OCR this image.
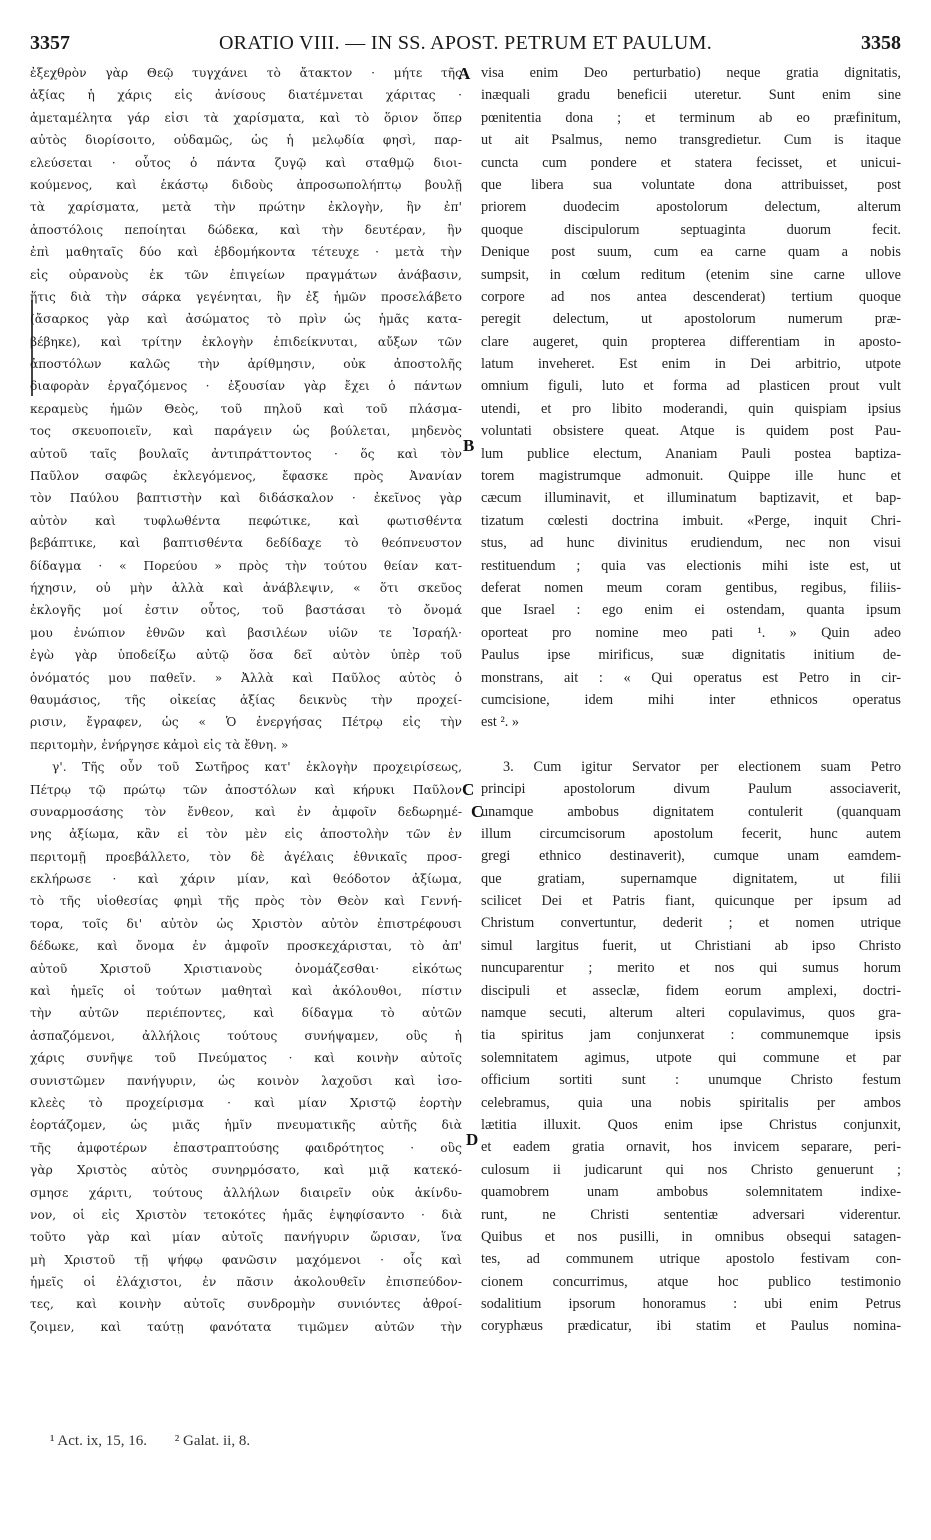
3357	ORATIO VIII. — IN SS. APOST. PETRUM ET PAULUM.	3358
ἐξεχθρὸν γὰρ Θεῷ τυγχάνει τὸ ἄτακτον · μήτε τῆς
ἀξίας ἡ χάρις εἰς ἀνίσους διατέμνεται χάριτας ·
ἀμεταμέλητα γάρ εἰσι τὰ χαρίσματα, καὶ τὸ ὅριον ὅπερ
αὐτὸς διορίσοιτο, οὐδαμῶς, ὡς ἡ μελῳδία φησὶ, παρ-
ελεύσεται · οὗτος ὁ πάντα ζυγῷ καὶ σταθμῷ διοι-
κούμενος, καὶ ἑκάστῳ διδοὺς ἀπροσωπολήπτῳ βουλῇ
τὰ χαρίσματα, μετὰ τὴν πρώτην ἐκλογὴν, ἣν ἐπ'
ἀποστόλοις πεποίηται δώδεκα, καὶ τὴν δευτέραν, ἣν
ἐπὶ μαθηταῖς δύο καὶ ἑβδομήκοντα τέτευχε · μετὰ τὴν
εἰς οὐρανοὺς ἐκ τῶν ἐπιγείων πραγμάτων ἀνάβασιν,
ἥτις διὰ τὴν σάρκα γεγένηται, ἣν ἐξ ἡμῶν προσελάβετο
(ἄσαρκος γὰρ καὶ ἀσώματος τὸ πρὶν ὡς ἡμᾶς κατα-
βέβηκε), καὶ τρίτην ἐκλογὴν ἐπιδείκνυται, αὔξων τῶν
ἀποστόλων καλῶς τὴν ἀρίθμησιν, οὐκ ἀποστολῆς
διαφορὰν ἐργαζόμενος · ἐξουσίαν γὰρ ἔχει ὁ πάντων
κεραμεὺς ἡμῶν Θεὸς, τοῦ πηλοῦ καὶ τοῦ πλάσμα-
τος σκευοποιεῖν, καὶ παράγειν ὡς βούλεται, μηδενὸς
αὐτοῦ ταῖς βουλαῖς ἀντιπράττοντος · ὅς καὶ τὸν
Παῦλον σαφῶς ἐκλεγόμενος, ἔφασκε πρὸς Ἀνανίαν
τὸν Παύλου βαπτιστὴν καὶ διδάσκαλον · ἐκεῖνος γὰρ
αὐτὸν καὶ τυφλωθέντα πεφώτικε, καὶ φωτισθέντα
βεβάπτικε, καὶ βαπτισθέντα δεδίδαχε τὸ θεόπνευστον
δίδαγμα · « Πορεύου » πρὸς τὴν τούτου θείαν κατ-
ήχησιν, οὐ μὴν ἀλλὰ καὶ ἀνάβλεψιν, « ὅτι σκεῦος
ἐκλογῆς μοί ἐστιν οὗτος, τοῦ βαστάσαι τὸ ὄνομά
μου ἐνώπιον ἐθνῶν καὶ βασιλέων υἱῶν τε Ἰσραήλ·
ἐγὼ γὰρ ὑποδείξω αὐτῷ ὅσα δεῖ αὐτὸν ὑπὲρ τοῦ
ὀνόματός μου παθεῖν. » Ἀλλὰ καὶ Παῦλος αὐτὸς ὁ
θαυμάσιος, τῆς οἰκείας ἀξίας δεικνὺς τὴν προχεί-
ρισιν, ἔγραφεν, ὡς « Ὁ ἐνεργήσας Πέτρῳ εἰς τὴν
περιτομὴν, ἐνήργησε κἀμοὶ εἰς τὰ ἔθνη. »
γ'. Τῆς οὖν τοῦ Σωτῆρος κατ' ἐκλογὴν προχειρίσεως,
Πέτρῳ τῷ πρώτῳ τῶν ἀποστόλων καὶ κήρυκι Παῦλον
συναρμοσάσης τὸν ἔνθεον, καὶ ἐν ἀμφοῖν δεδωρημέ-
νης ἀξίωμα, κἂν εἰ τὸν μὲν εἰς ἀποστολὴν τῶν ἐν
περιτομῇ προεβάλλετο, τὸν δὲ ἀγέλαις ἐθνικαῖς προσ-
εκλήρωσε · καὶ χάριν μίαν, καὶ θεόδοτον ἀξίωμα,
τὸ τῆς υἱοθεσίας φημὶ τῆς πρὸς τὸν Θεὸν καὶ Γεννή-
τορα, τοῖς δι' αὐτὸν ὡς Χριστὸν αὐτὸν ἐπιστρέφουσι
δέδωκε, καὶ ὄνομα ἐν ἀμφοῖν προσκεχάρισται, τὸ ἀπ'
αὐτοῦ Χριστοῦ Χριστιανοὺς ὀνομάζεσθαι· εἰκότως
καὶ ἡμεῖς οἱ τούτων μαθηταὶ καὶ ἀκόλουθοι, πίστιν
τὴν αὐτῶν περιέποντες, καὶ δίδαγμα τὸ αὐτῶν
ἀσπαζόμενοι, ἀλλήλοις τούτους συνήψαμεν, οὓς ἡ
χάρις συνῆψε τοῦ Πνεύματος · καὶ κοινὴν αὐτοῖς
συνιστῶμεν πανήγυριν, ὡς κοινὸν λαχοῦσι καὶ ἰσο-
κλεὲς τὸ προχείρισμα · καὶ μίαν Χριστῷ ἑορτὴν
ἑορτάζομεν, ὡς μιᾶς ἡμῖν πνευματικῆς αὐτῆς διὰ
τῆς ἀμφοτέρων ἐπαστραπτούσης φαιδρότητος · οὓς
γὰρ Χριστὸς αὐτὸς συνηρμόσατο, καὶ μιᾷ κατεκό-
σμησε χάριτι, τούτους ἀλλήλων διαιρεῖν οὐκ ἀκίνδυ-
νον, οἱ εἰς Χριστὸν τετοκότες ἡμᾶς ἐψηφίσαντο · διὰ
τοῦτο γὰρ καὶ μίαν αὐτοῖς πανήγυριν ὥρισαν, ἵνα
μὴ Χριστοῦ τῇ ψήφῳ φανῶσιν μαχόμενοι · οἷς καὶ
ἡμεῖς οἱ ἐλάχιστοι, ἐν πᾶσιν ἀκολουθεῖν ἐπισπεύδον-
τες, καὶ κοινὴν αὐτοῖς συνδρομὴν συνιόντες ἀθροί-
ζοιμεν, καὶ ταύτῃ φανότατα τιμῶμεν αὐτῶν τὴν
visa enim Deo perturbatio) neque gratia dignitatis,
inæquali gradu beneficii uteretur. Sunt enim sine
pœnitentia dona ; et terminum ab eo præfinitum,
ut ait Psalmus, nemo transgredietur. Cum is itaque
cuncta cum pondere et statera fecisset, et unicui-
que libera sua voluntate dona attribuisset, post
priorem duodecim apostolorum delectum, alterum
quoque discipulorum septuaginta duorum fecit.
Denique post suum, cum ea carne quam a nobis
sumpsit, in cœlum reditum (etenim sine carne ullove
corpore ad nos antea descenderat) tertium quoque
peregit delectum, ut apostolorum numerum præ-
clare augeret, quin propterea differentiam in aposto-
latum inveheret. Est enim in Dei arbitrio, utpote
omnium figuli, luto et forma ad plasticen prout vult
utendi, et pro libito moderandi, quin quispiam ipsius
voluntati obsistere queat. Atque is quidem post Pau-
lum publice electum, Ananiam Pauli postea baptiza-
torem magistrumque admonuit. Quippe ille hunc et
cæcum illuminavit, et illuminatum baptizavit, et bap-
tizatum cœlesti doctrina imbuit. «Perge, inquit Chri-
stus, ad hunc divinitus erudiendum, nec non visui
restituendum ; quia vas electionis mihi iste est, ut
deferat nomen meum coram gentibus, regibus, filiis-
que Israel : ego enim ei ostendam, quanta ipsum
oporteat pro nomine meo pati ¹. » Quin adeo
Paulus ipse mirificus, suæ dignitatis initium de-
monstrans, ait : « Qui operatus est Petro in cir-
cumcisione, idem mihi inter ethnicos operatus
est ². »
3. Cum igitur Servator per electionem suam Petro
principi apostolorum divum Paulum associaverit,
unamque ambobus dignitatem contulerit (quanquam
illum circumcisorum apostolum fecerit, hunc autem
gregi ethnico destinaverit), cumque unam eamdem-
que gratiam, supernamque dignitatem, ut filii
scilicet Dei et Patris fiant, quicunque per ipsum ad
Christum convertuntur, dederit ; et nomen utrique
simul largitus fuerit, ut Christiani ab ipso Christo
nuncuparentur ; merito et nos qui sumus horum
discipuli et asseclæ, fidem eorum amplexi, doctri-
namque secuti, alterum alteri copulavimus, quos gra-
tia spiritus jam conjunxerat : communemque ipsis
solemnitatem agimus, utpote qui commune et par
officium sortiti sunt : unumque Christo festum
celebramus, quia una nobis spiritalis per ambos
lætitia illuxit. Quos enim ipse Christus conjunxit,
et eadem gratia ornavit, hos invicem separare, peri-
culosum ii judicarunt qui nos Christo genuerunt ;
quamobrem unam ambobus solemnitatem indixe-
runt, ne Christi sententiæ adversari viderentur.
Quibus et nos pusilli, in omnibus obsequi satagen-
tes, ad communem utrique apostolo festivam con-
cionem concurrimus, atque hoc publico testimonio
sodalitium ipsorum honoramus : ubi enim Petrus
coryphæus prædicatur, ibi statim et Paulus nomina-
A
B
C
C
D
¹ Act. ix, 15, 16. ² Galat. ii, 8.
